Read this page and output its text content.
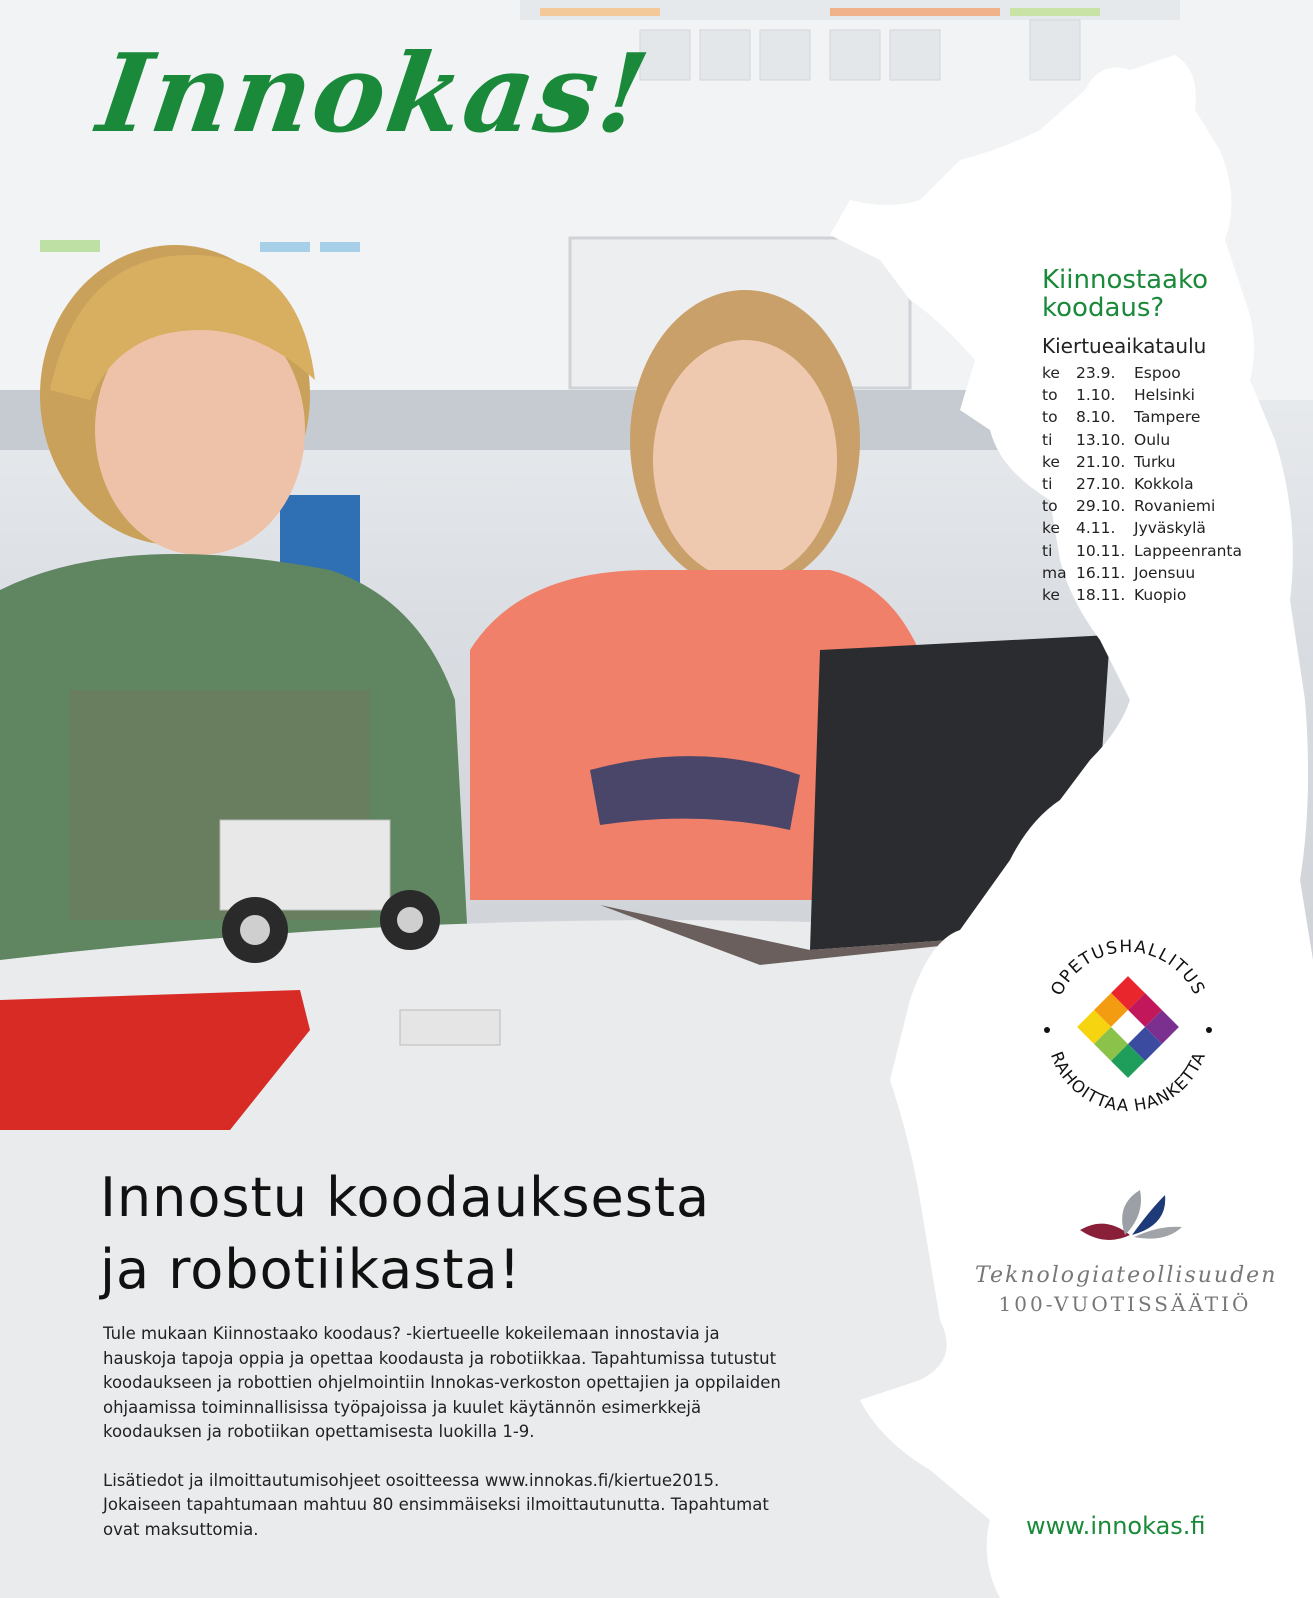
Innokas!
Kiinnostaako
koodaus?
Kiertueaikataulu
ke	23.9.	Espoo
to	1.10.	Helsinki
to	8.10.	Tampere
ti	13.10. Oulu
ke	21.10. Turku
ti	27.10. Kokkola
to	29.10. Rovaniemi
ke	4.11.	Jyväskylä
ti	10.11. Lappeenranta
ma 16.11. Joensuu
ke	18.11. Kuopio
OPETUSHALLITUS
RAHOITTAA HANKETTA
Teknologiateollisuuden
100-VUOTISSÄÄTIÖ
Innostu koodauksesta
ja robotiikasta!

Tule mukaan Kiinnostaako koodaus? -kiertueelle kokeilemaan innostavia ja hauskoja tapoja oppia ja opettaa koodausta ja robotiikkaa. Tapahtumissa tutustut koodaukseen ja robottien ohjelmointiin Innokas-verkoston opettajien ja oppilaiden ohjaamissa toiminnallisissa työpajoissa ja kuulet käytännön esimerkkejä koodauksen ja robotiikan opettamisesta luokilla 1-9.

Lisätiedot ja ilmoittautumisohjeet osoitteessa www.innokas.fi/kiertue2015. Jokaiseen tapahtumaan mahtuu 80 ensimmäiseksi ilmoittautunutta. Tapahtumat ovat maksuttomia.	www.innokas.fi
